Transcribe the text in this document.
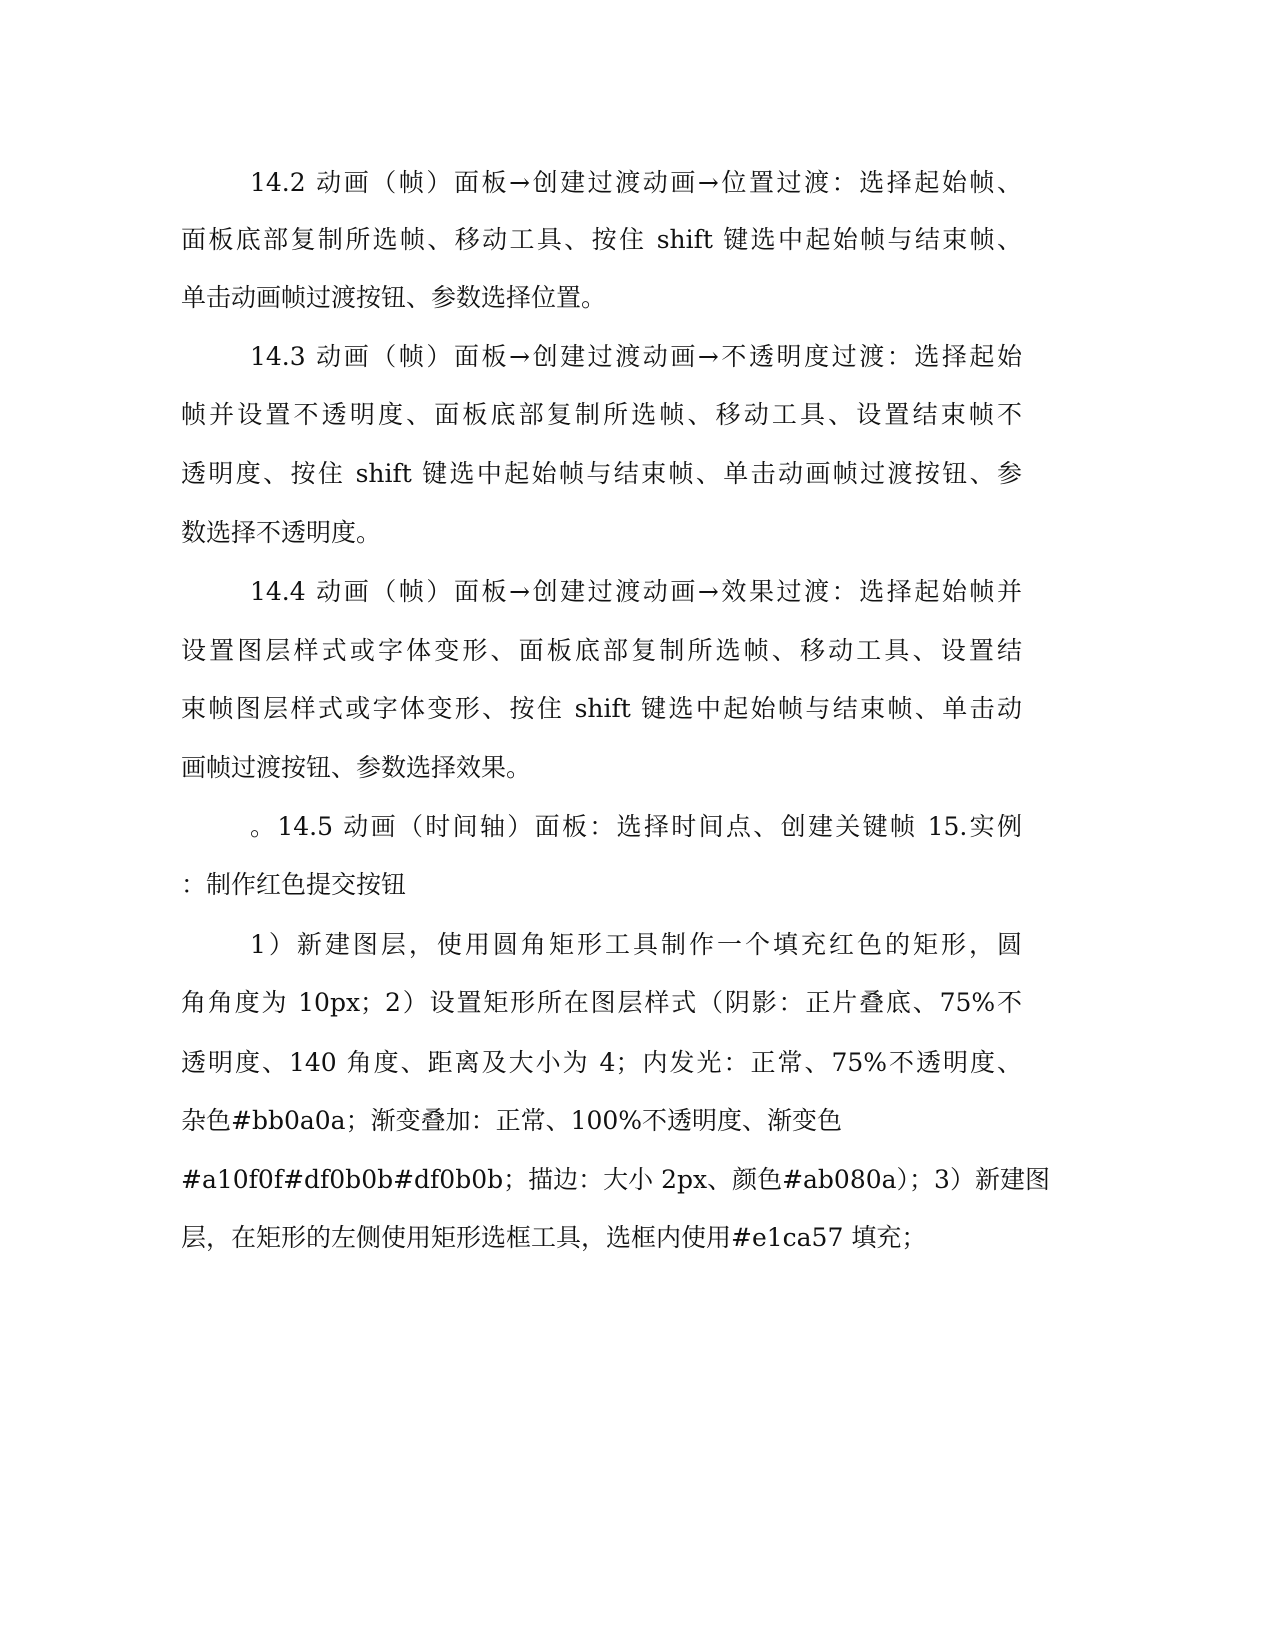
14.2 动画（帧）面板→创建过渡动画→位置过渡：选择起始帧、
面板底部复制所选帧、移动工具、按住 shift 键选中起始帧与结束帧、
单击动画帧过渡按钮、参数选择位置。
14.3 动画（帧）面板→创建过渡动画→不透明度过渡：选择起始
帧并设置不透明度、面板底部复制所选帧、移动工具、设置结束帧不
透明度、按住 shift 键选中起始帧与结束帧、单击动画帧过渡按钮、参
数选择不透明度。
14.4 动画（帧）面板→创建过渡动画→效果过渡：选择起始帧并
设置图层样式或字体变形、面板底部复制所选帧、移动工具、设置结
束帧图层样式或字体变形、按住 shift 键选中起始帧与结束帧、单击动
画帧过渡按钮、参数选择效果。
。14.5 动画（时间轴）面板：选择时间点、创建关键帧 15.实例
：制作红色提交按钮
1）新建图层，使用圆角矩形工具制作一个填充红色的矩形，圆
角角度为 10px；2）设置矩形所在图层样式（阴影：正片叠底、75%不
透明度、140 角度、距离及大小为 4；内发光：正常、75%不透明度、
杂色#bb0a0a；渐变叠加：正常、100%不透明度、渐变色
#a10f0f#df0b0b#df0b0b；描边：大小 2px、颜色#ab080a）；3）新建图
层，在矩形的左侧使用矩形选框工具，选框内使用#e1ca57 填充；
